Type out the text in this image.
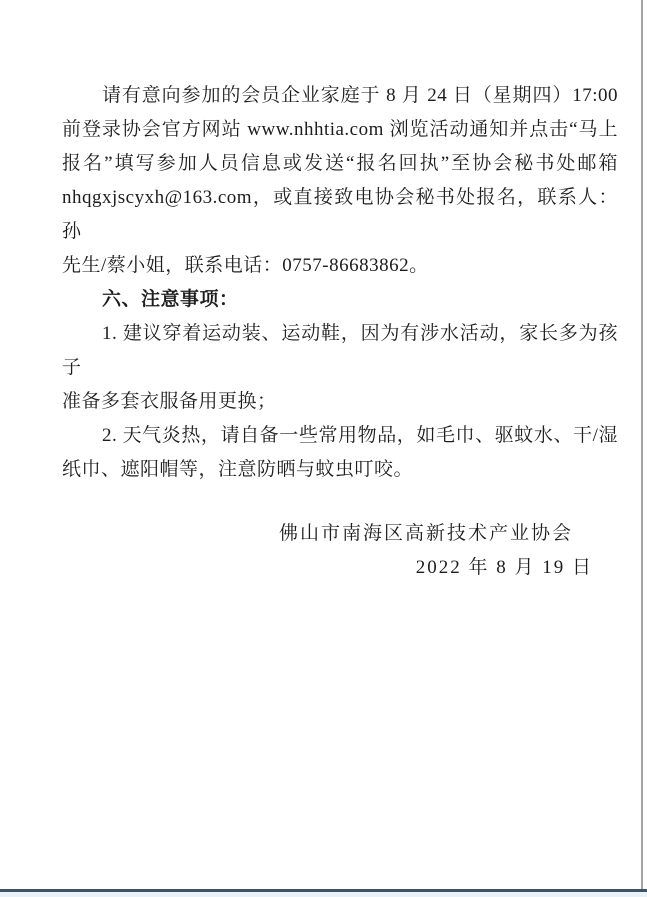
请有意向参加的会员企业家庭于 8 月 24 日（星期四）17:00
前登录协会官方网站 www.nhhtia.com 浏览活动通知并点击“马上
报名”填写参加人员信息或发送“报名回执”至协会秘书处邮箱
nhqgxjscyxh@163.com，或直接致电协会秘书处报名，联系人：孙
先生/蔡小姐，联系电话：0757-86683862。
六、注意事项：
1. 建议穿着运动装、运动鞋，因为有涉水活动，家长多为孩子
准备多套衣服备用更换；
2. 天气炎热，请自备一些常用物品，如毛巾、驱蚊水、干/湿
纸巾、遮阳帽等，注意防晒与蚊虫叮咬。
佛山市南海区高新技术产业协会
2022 年 8 月 19 日
